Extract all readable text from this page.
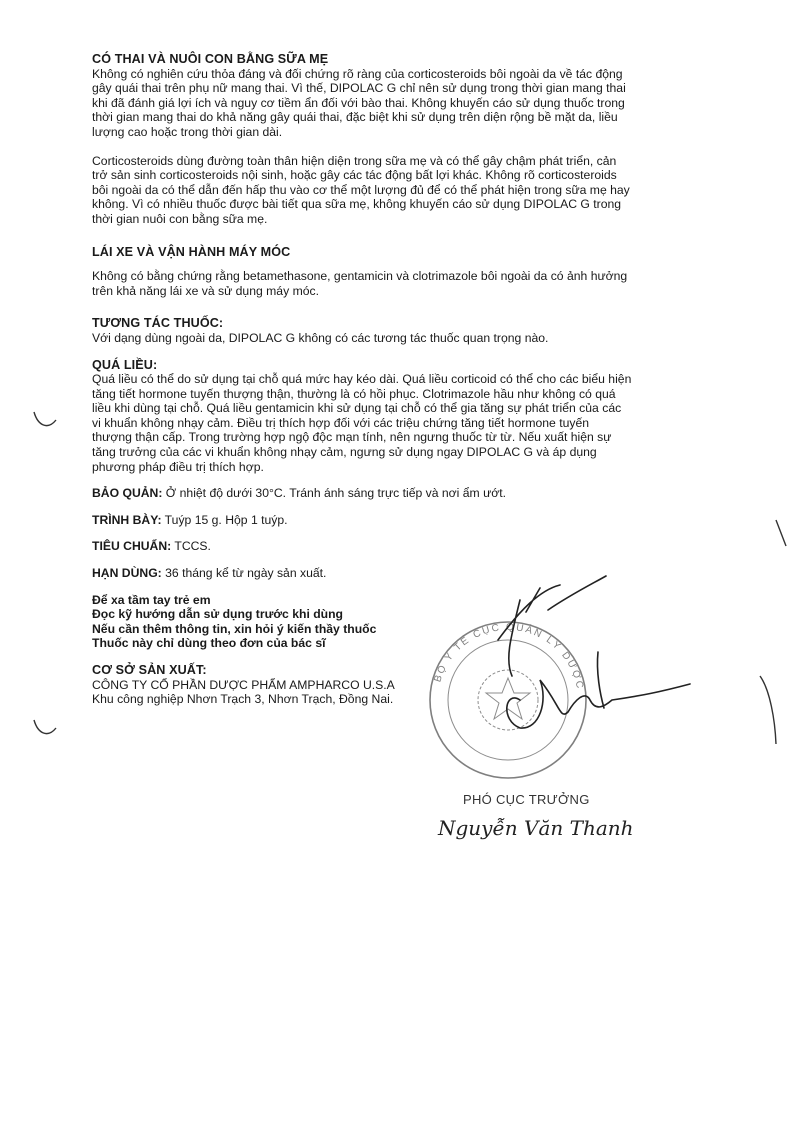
CÓ THAI VÀ NUÔI CON BẰNG SỮA MẸ

Không có nghiên cứu thỏa đáng và đối chứng rõ ràng của corticosteroids bôi ngoài da về tác động gây quái thai trên phụ nữ mang thai. Vì thế, DIPOLAC G chỉ nên sử dụng trong thời gian mang thai khi đã đánh giá lợi ích và nguy cơ tiềm ẩn đối với bào thai. Không khuyến cáo sử dụng thuốc trong thời gian mang thai do khả năng gây quái thai, đặc biệt khi sử dụng trên diện rộng bề mặt da, liều lượng cao hoặc trong thời gian dài.

Corticosteroids dùng đường toàn thân hiện diện trong sữa mẹ và có thể gây chậm phát triển, cản trở sản sinh corticosteroids nội sinh, hoặc gây các tác động bất lợi khác. Không rõ corticosteroids bôi ngoài da có thể dẫn đến hấp thu vào cơ thể một lượng đủ để có thể phát hiện trong sữa mẹ hay không. Vì có nhiều thuốc được bài tiết qua sữa mẹ, không khuyến cáo sử dụng DIPOLAC G trong thời gian nuôi con bằng sữa mẹ.

LÁI XE VÀ VẬN HÀNH MÁY MÓC

Không có bằng chứng rằng betamethasone, gentamicin và clotrimazole bôi ngoài da có ảnh hưởng trên khả năng lái xe và sử dụng máy móc.

TƯƠNG TÁC THUỐC:

Với dạng dùng ngoài da, DIPOLAC G không có các tương tác thuốc quan trọng nào.

QUÁ LIỀU:

Quá liều có thể do sử dụng tại chỗ quá mức hay kéo dài. Quá liều corticoid có thể cho các biểu hiện tăng tiết hormone tuyến thượng thận, thường là có hồi phục. Clotrimazole hầu như không có quá liều khi dùng tại chỗ. Quá liều gentamicin khi sử dụng tại chỗ có thể gia tăng sự phát triển của các vi khuẩn không nhạy cảm. Điều trị thích hợp đối với các triệu chứng tăng tiết hormone tuyến thượng thận cấp. Trong trường hợp ngộ độc mạn tính, nên ngưng thuốc từ từ. Nếu xuất hiện sự tăng trưởng của các vi khuẩn không nhạy cảm, ngưng sử dụng ngay DIPOLAC G và áp dụng phương pháp điều trị thích hợp.

BẢO QUẢN: Ở nhiệt độ dưới 30°C. Tránh ánh sáng trực tiếp và nơi ẩm ướt.

TRÌNH BÀY: Tuýp 15 g. Hộp 1 tuýp.

TIÊU CHUẨN: TCCS.

HẠN DÙNG: 36 tháng kể từ ngày sản xuất.

Để xa tầm tay trẻ em

Đọc kỹ hướng dẫn sử dụng trước khi dùng

Nếu cần thêm thông tin, xin hỏi ý kiến thầy thuốc

Thuốc này chỉ dùng theo đơn của bác sĩ

CƠ SỞ SẢN XUẤT:

CÔNG TY CỔ PHẦN DƯỢC PHẨM AMPHARCO U.S.A

Khu công nghiệp Nhơn Trạch 3, Nhơn Trạch, Đồng Nai.

BỘ Y TẾ CỤC QUẢN LÝ DƯỢC
PHÓ CỤC TRƯỞNG
Nguyễn Văn Thanh
